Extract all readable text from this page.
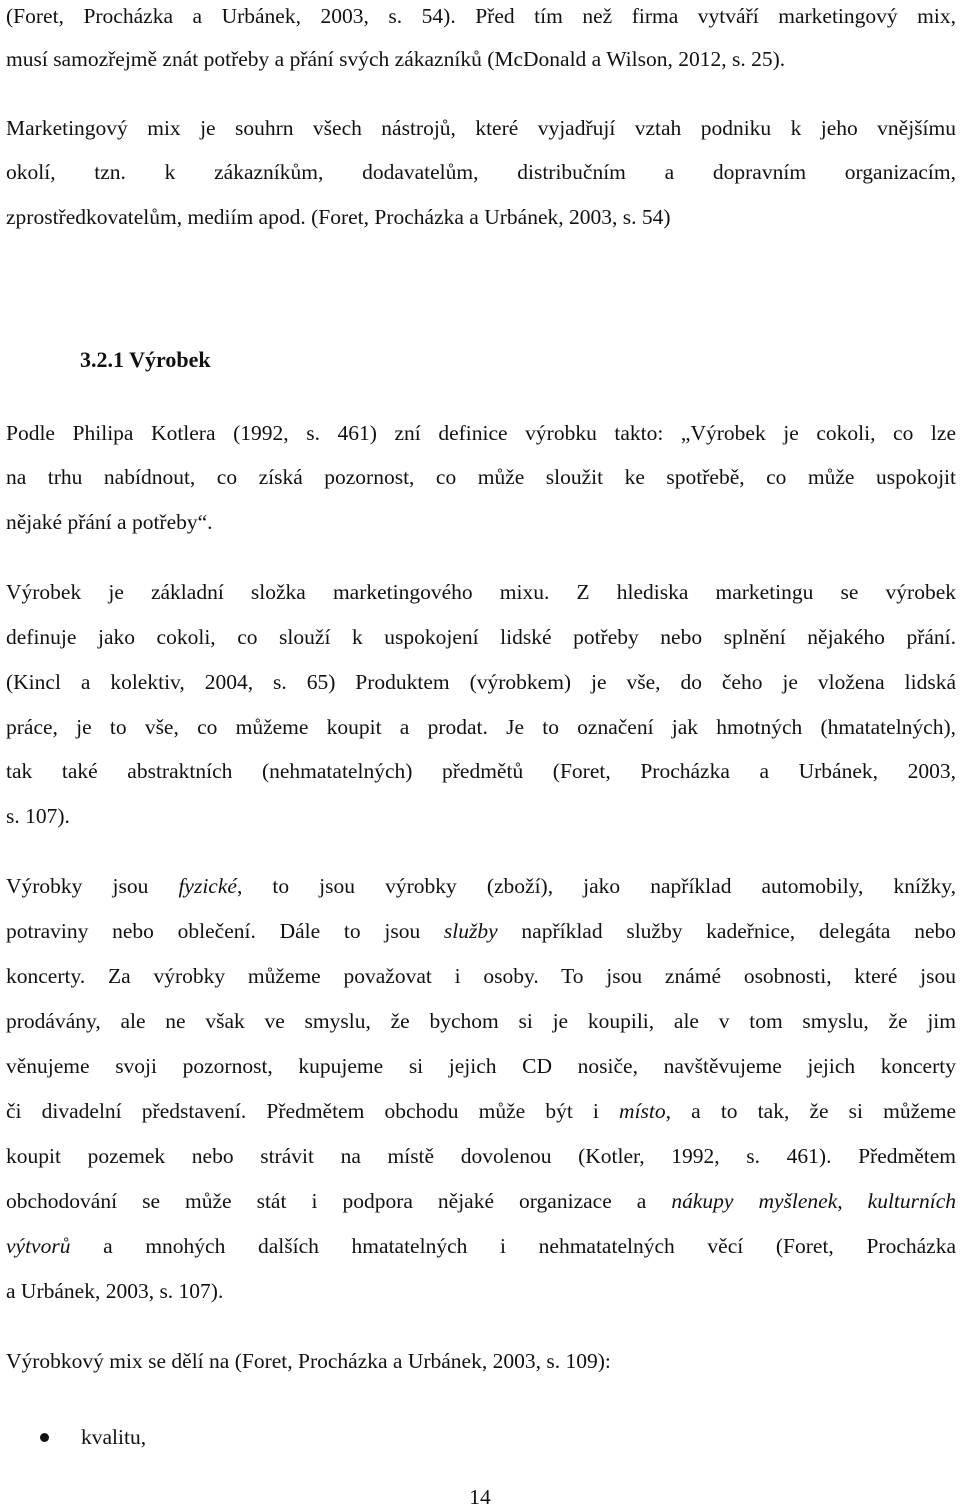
(Foret, Procházka a Urbánek, 2003, s. 54). Před tím než firma vytváří marketingový mix,
musí samozřejmě znát potřeby a přání svých zákazníků (McDonald a Wilson, 2012, s. 25).
Marketingový mix je souhrn všech nástrojů, které vyjadřují vztah podniku k jeho vnějšímu
okolí, tzn. k zákazníkům, dodavatelům, distribučním a dopravním organizacím,
zprostředkovatelům, mediím apod. (Foret, Procházka a Urbánek, 2003, s. 54)
3.2.1 Výrobek
Podle Philipa Kotlera (1992, s. 461) zní definice výrobku takto: „Výrobek je cokoli, co lze
na trhu nabídnout, co získá pozornost, co může sloužit ke spotřebě, co může uspokojit
nějaké přání a potřeby“.
Výrobek je základní složka marketingového mixu. Z hlediska marketingu se výrobek
definuje jako cokoli, co slouží k uspokojení lidské potřeby nebo splnění nějakého přání.
(Kincl a kolektiv, 2004, s. 65) Produktem (výrobkem) je vše, do čeho je vložena lidská
práce, je to vše, co můžeme koupit a prodat. Je to označení jak hmotných (hmatatelných),
tak také abstraktních (nehmatatelných) předmětů (Foret, Procházka a Urbánek, 2003,
s. 107).
Výrobky jsou fyzické, to jsou výrobky (zboží), jako například automobily, knížky,
potraviny nebo oblečení. Dále to jsou služby například služby kadeřnice, delegáta nebo
koncerty. Za výrobky můžeme považovat i osoby. To jsou známé osobnosti, které jsou
prodávány, ale ne však ve smyslu, že bychom si je koupili, ale v tom smyslu, že jim
věnujeme svoji pozornost, kupujeme si jejich CD nosiče, navštěvujeme jejich koncerty
či divadelní představení. Předmětem obchodu může být i místo, a to tak, že si můžeme
koupit pozemek nebo strávit na místě dovolenou (Kotler, 1992, s. 461). Předmětem
obchodování se může stát i podpora nějaké organizace a nákupy myšlenek, kulturních
výtvorů a mnohých dalších hmatatelných i nehmatatelných věcí (Foret, Procházka
a Urbánek, 2003, s. 107).
Výrobkový mix se dělí na (Foret, Procházka a Urbánek, 2003, s. 109):
kvalitu,
14
